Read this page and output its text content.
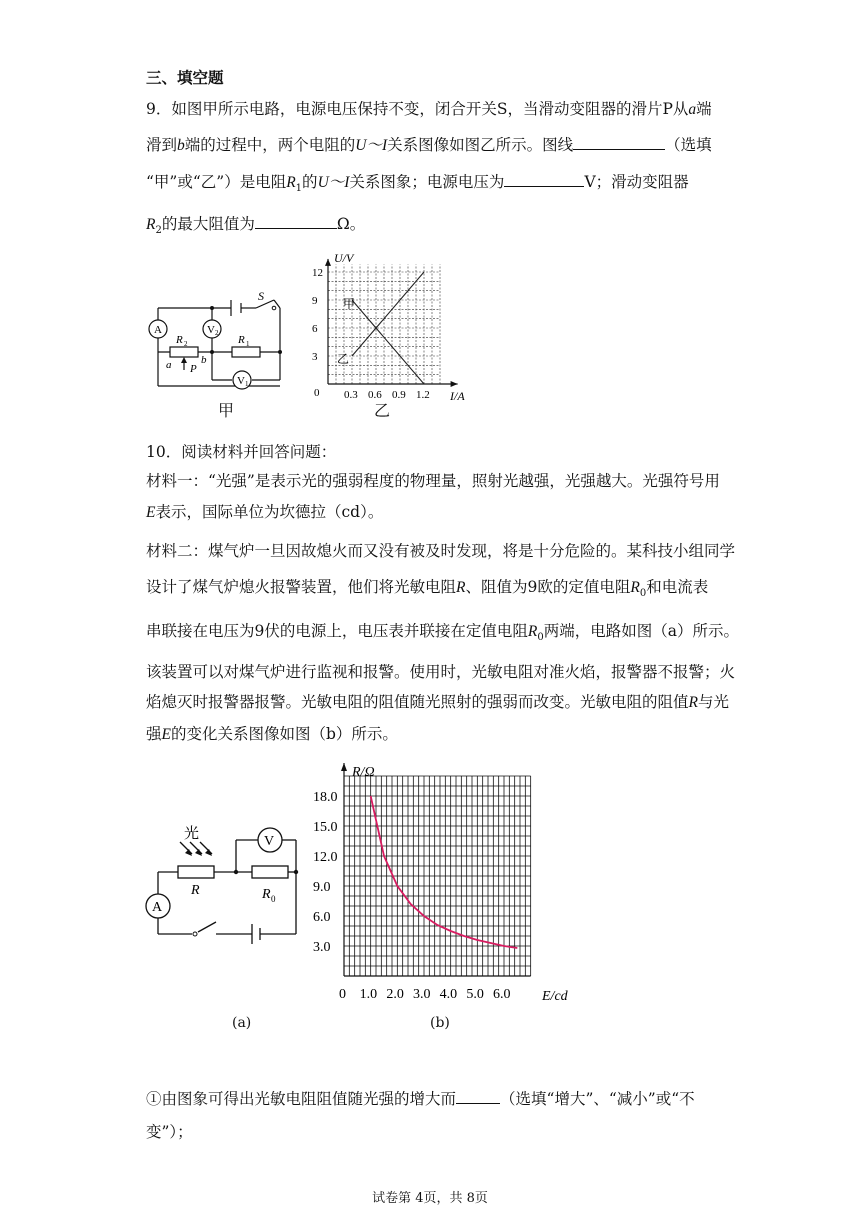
三、填空题
9．如图甲所示电路，电源电压保持不变，闭合开关S，当滑动变阻器的滑片P从a端
滑到b端的过程中，两个电阻的U～I关系图像如图乙所示。图线	（选填
“甲”或“乙”）是电阻$R_1$的U～I关系图象；电源电压为	V；滑动变阻器
$R_2$的最大阻值为	Ω。
A	V 2
V 1
S
R 2	R 1
a	b
P
甲
3
6
9
12
0.3 0.6 0.9 1.2
U/V
I/A
0
甲
乙
乙
10．阅读材料并回答问题：
材料一：“光强”是表示光的强弱程度的物理量，照射光越强，光强越大。光强符号用
E表示，国际单位为坎德拉（cd）。
材料二：煤气炉一旦因故熄火而又没有被及时发现，将是十分危险的。某科技小组同学
设计了煤气炉熄火报警装置，他们将光敏电阻R、阻值为9欧的定值电阻$R_0$和电流表
串联接在电压为9伏的电源上，电压表并联接在定值电阻$R_0$两端，电路如图（a）所示。
该装置可以对煤气炉进行监视和报警。使用时，光敏电阻对准火焰，报警器不报警；火
焰熄灭时报警器报警。光敏电阻的阻值随光照射的强弱而改变。光敏电阻的阻值R与光
强E的变化关系图像如图（b）所示。
光	V
A
R	R 0
(a)
3.0
6.0
9.0
12.0
15.0
18.0
0 1.0 2.0 3.0 4.0 5.0 6.0
R/Ω
E/cd
(b)
①由图象可得出光敏电阻阻值随光强的增大而	（选填“增大”、“减小”或“不
变”）；
试卷第 4页，共 8页
